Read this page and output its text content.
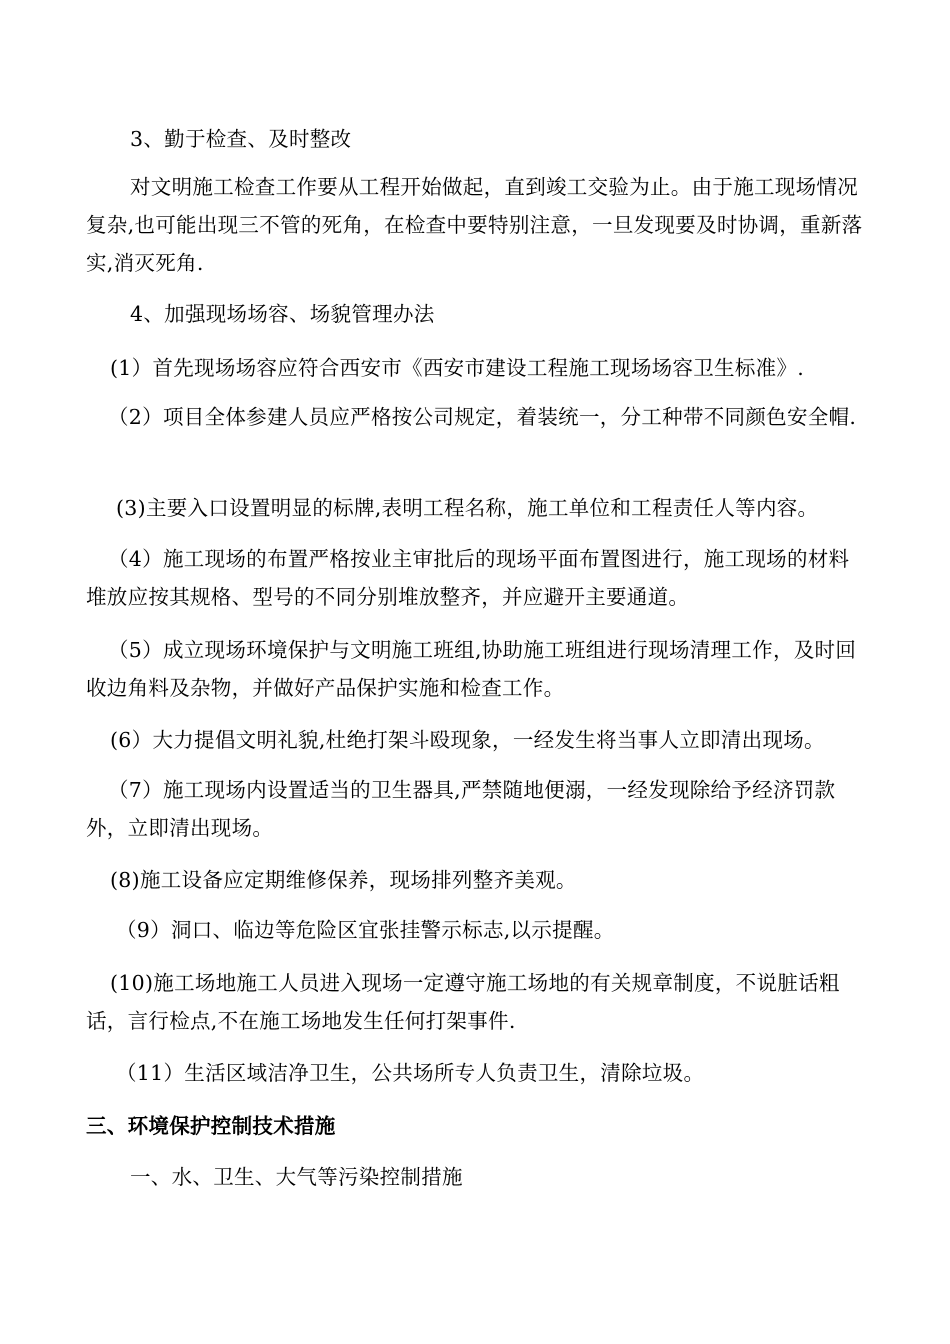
3、勤于检查、及时整改

对文明施工检查工作要从工程开始做起，直到竣工交验为止。由于施工现场情况复杂,也可能出现三不管的死角，在检查中要特别注意，一旦发现要及时协调，重新落实,消灭死角.

4、加强现场场容、场貌管理办法

(1）首先现场场容应符合西安市《西安市建设工程施工现场场容卫生标准》.

（2）项目全体参建人员应严格按公司规定，着装统一，分工种带不同颜色安全帽.

(3)主要入口设置明显的标牌,表明工程名称，施工单位和工程责任人等内容。

（4）施工现场的布置严格按业主审批后的现场平面布置图进行，施工现场的材料堆放应按其规格、型号的不同分别堆放整齐，并应避开主要通道。

（5）成立现场环境保护与文明施工班组,协助施工班组进行现场清理工作，及时回收边角料及杂物，并做好产品保护实施和检查工作。

(6）大力提倡文明礼貌,杜绝打架斗殴现象，一经发生将当事人立即清出现场。

（7）施工现场内设置适当的卫生器具,严禁随地便溺，一经发现除给予经济罚款外，立即清出现场。

(8)施工设备应定期维修保养，现场排列整齐美观。

（9）洞口、临边等危险区宜张挂警示标志,以示提醒。

(10)施工场地施工人员进入现场一定遵守施工场地的有关规章制度，不说脏话粗话，言行检点,不在施工场地发生任何打架事件.

（11）生活区域洁净卫生，公共场所专人负责卫生，清除垃圾。

三、环境保护控制技术措施

一、水、卫生、大气等污染控制措施
